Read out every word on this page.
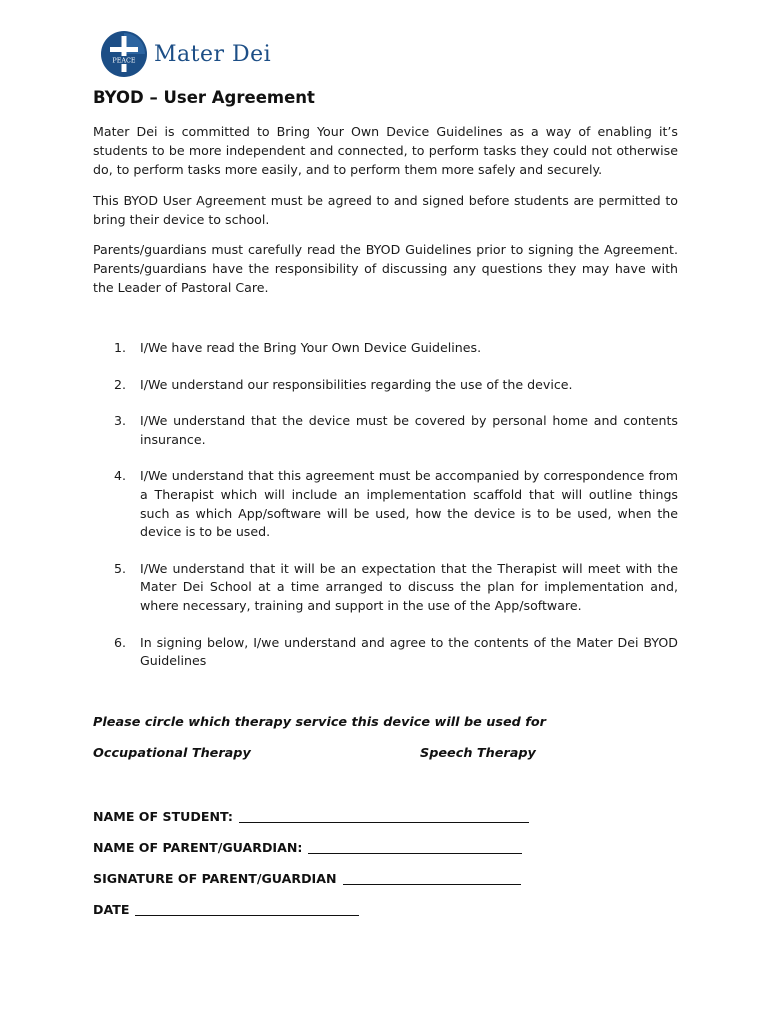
PEACE Mater Dei
BYOD – User Agreement
Mater Dei is committed to Bring Your Own Device Guidelines as a way of enabling it’s students to be more independent and connected, to perform tasks they could not otherwise do, to perform tasks more easily, and to perform them more safely and securely.
This BYOD User Agreement must be agreed to and signed before students are permitted to bring their device to school.
Parents/guardians must carefully read the BYOD Guidelines prior to signing the Agreement. Parents/guardians have the responsibility of discussing any questions they may have with the Leader of Pastoral Care.
1. I/We have read the Bring Your Own Device Guidelines.
2. I/We understand our responsibilities regarding the use of the device.
3. I/We understand that the device must be covered by personal home and contents insurance.
4. I/We understand that this agreement must be accompanied by correspondence from a Therapist which will include an implementation scaffold that will outline things such as which App/software will be used, how the device is to be used, when the device is to be used.
5. I/We understand that it will be an expectation that the Therapist will meet with the Mater Dei School at a time arranged to discuss the plan for implementation and, where necessary, training and support in the use of the App/software.
6. In signing below, I/we understand and agree to the contents of the Mater Dei BYOD Guidelines
Please circle which therapy service this device will be used for
Occupational Therapy	Speech Therapy
NAME OF STUDENT:
NAME OF PARENT/GUARDIAN:
SIGNATURE OF PARENT/GUARDIAN
DATE
